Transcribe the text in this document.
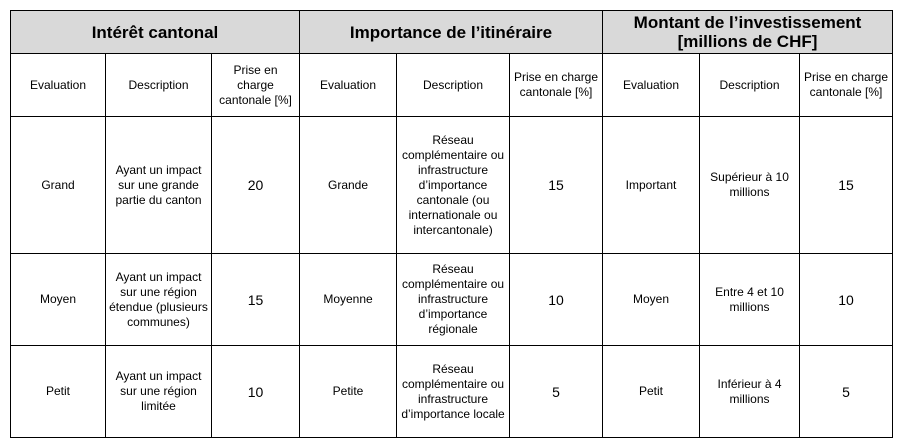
Intérêt cantonal			Importance de l’itinéraire			Montant de l’investissement [millions de CHF]		
Evaluation	Description	Prise en charge cantonale [%]	Evaluation	Description	Prise en charge cantonale [%]	Evaluation	Description	Prise en charge cantonale [%]
Grand	Ayant un impact sur une grande partie du canton	20	Grande	Réseau complémentaire ou infrastructure d’importance cantonale (ou internationale ou intercantonale)	15	Important	Supérieur à 10 millions	15
Moyen	Ayant un impact sur une région étendue (plusieurs communes)	15	Moyenne	Réseau complémentaire ou infrastructure d’importance régionale	10	Moyen	Entre 4 et 10 millions	10
Petit	Ayant un impact sur une région limitée	10	Petite	Réseau complémentaire ou infrastructure d’importance locale	5	Petit	Inférieur à 4 millions	5
